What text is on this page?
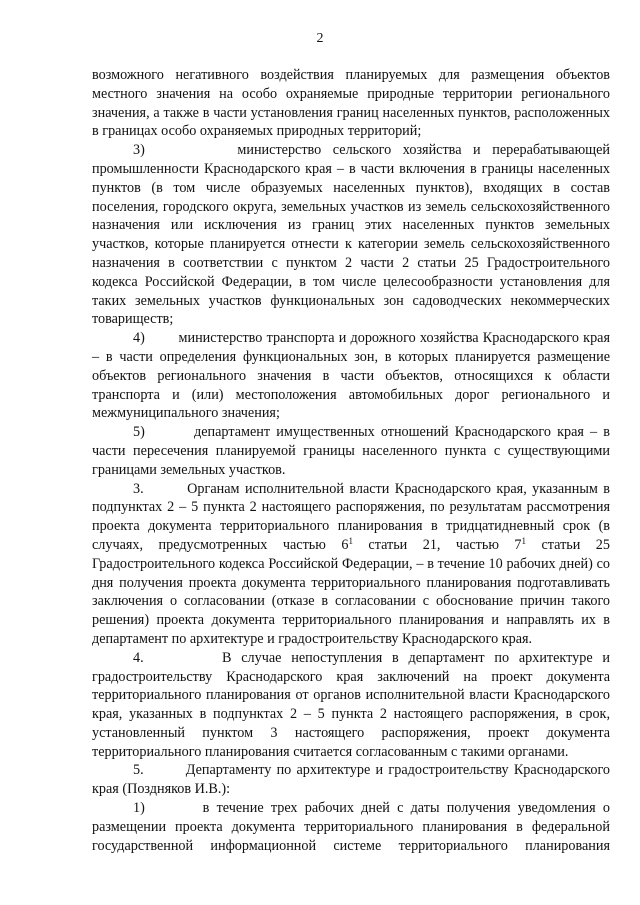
2

возможного негативного воздействия планируемых для размещения объектов местного значения на особо охраняемые природные территории регионального значения, а также в части установления границ населенных пунктов, расположенных в границах особо охраняемых природных территорий;

3)        министерство сельского хозяйства и перерабатывающей промышленности Краснодарского края – в части включения в границы населенных пунктов (в том числе образуемых населенных пунктов), входящих в состав поселения, городского округа, земельных участков из земель сельскохозяйственного назначения или исключения из границ этих населенных пунктов земельных участков, которые планируется отнести к категории земель сельскохозяйственного назначения в соответствии с пунктом 2 части 2 статьи 25 Градостроительного кодекса Российской Федерации, в том числе целесообразности установления для таких земельных участков функциональных зон садоводческих некоммерческих товариществ;

4)        министерство транспорта и дорожного хозяйства Краснодарского края – в части определения функциональных зон, в которых планируется размещение объектов регионального значения в части объектов, относящихся к области транспорта и (или) местоположения автомобильных дорог регионального и межмуниципального значения;

5)        департамент имущественных отношений Краснодарского края – в части пересечения планируемой границы населенного пункта с существующими границами земельных участков.

3.        Органам исполнительной власти Краснодарского края, указанным в подпунктах 2 – 5 пункта 2 настоящего распоряжения, по результатам рассмотрения проекта документа территориального планирования в тридцатидневный срок (в случаях, предусмотренных частью $6^1$ статьи 21, частью $7^1$ статьи 25 Градостроительного кодекса Российской Федерации, – в течение 10 рабочих дней) со дня получения проекта документа территориального планирования подготавливать заключения о согласовании (отказе в согласовании с обоснование причин такого решения) проекта документа территориального планирования и направлять их в департамент по архитектуре и градостроительству Краснодарского края.

4.        В случае непоступления в департамент по архитектуре и градостроительству Краснодарского края заключений на проект документа территориального планирования от органов исполнительной власти Краснодарского края, указанных в подпунктах 2 – 5 пункта 2 настоящего распоряжения, в срок, установленный пунктом 3 настоящего распоряжения, проект документа территориального планирования считается согласованным с такими органами.

5.        Департаменту по архитектуре и градостроительству Краснодарского края (Поздняков И.В.):

1)        в течение трех рабочих дней с даты получения уведомления о размещении проекта документа территориального планирования в федеральной государственной информационной системе территориального планирования
